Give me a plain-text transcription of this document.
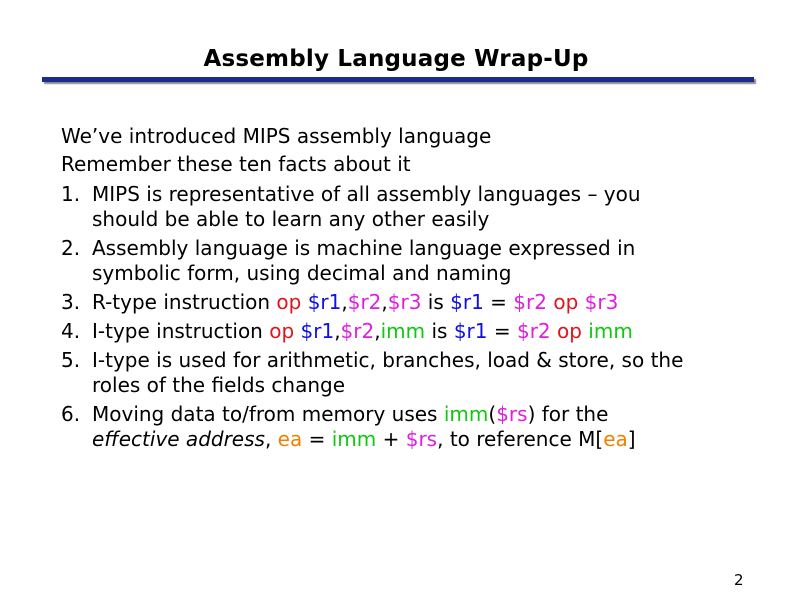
Assembly Language Wrap-Up
We’ve introduced MIPS assembly language
Remember these ten facts about it
1. MIPS is representative of all assembly languages – you
should be able to learn any other easily
2. Assembly language is machine language expressed in
symbolic form, using decimal and naming
3. R-type instruction op $r1,$r2,$r3 is $r1 = $r2 op $r3
4. I-type instruction op $r1,$r2,imm is $r1 = $r2 op imm
5. I-type is used for arithmetic, branches, load & store, so the
roles of the fields change
6. Moving data to/from memory uses imm($rs) for the
effective address, ea = imm + $rs, to reference M[ea]
2
